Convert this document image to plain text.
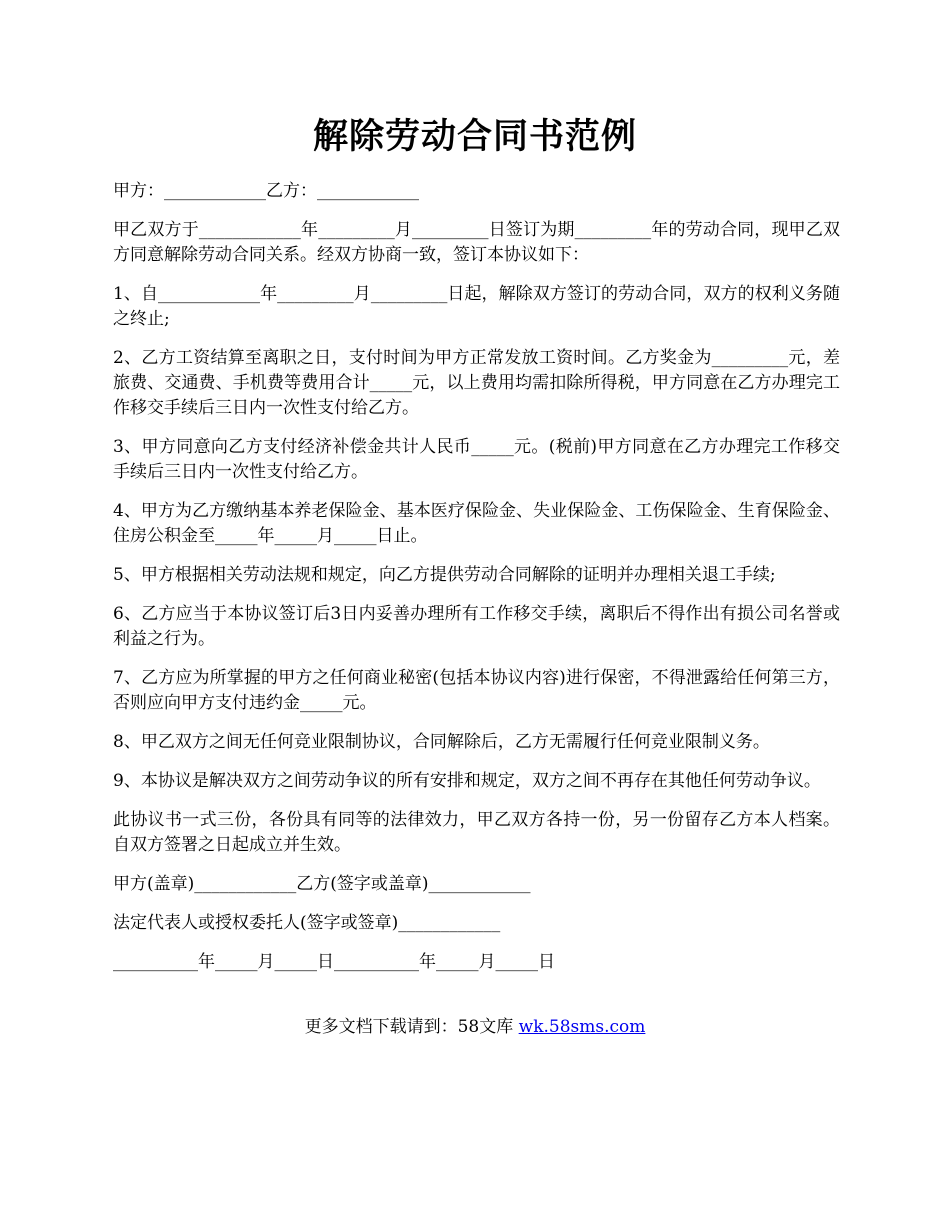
解除劳动合同书范例

甲方：____________乙方：____________

甲乙双方于____________年_________月_________日签订为期_________年的劳动合同，现甲乙双方同意解除劳动合同关系。经双方协商一致，签订本协议如下：

1、自____________年_________月_________日起，解除双方签订的劳动合同，双方的权利义务随之终止;

2、乙方工资结算至离职之日，支付时间为甲方正常发放工资时间。乙方奖金为_________元，差旅费、交通费、手机费等费用合计_____元，以上费用均需扣除所得税，甲方同意在乙方办理完工作移交手续后三日内一次性支付给乙方。

3、甲方同意向乙方支付经济补偿金共计人民币_____元。(税前)甲方同意在乙方办理完工作移交手续后三日内一次性支付给乙方。

4、甲方为乙方缴纳基本养老保险金、基本医疗保险金、失业保险金、工伤保险金、生育保险金、住房公积金至_____年_____月_____日止。

5、甲方根据相关劳动法规和规定，向乙方提供劳动合同解除的证明并办理相关退工手续;

6、乙方应当于本协议签订后3日内妥善办理所有工作移交手续，离职后不得作出有损公司名誉或利益之行为。

7、乙方应为所掌握的甲方之任何商业秘密(包括本协议内容)进行保密，不得泄露给任何第三方，否则应向甲方支付违约金_____元。

8、甲乙双方之间无任何竞业限制协议，合同解除后，乙方无需履行任何竞业限制义务。

9、本协议是解决双方之间劳动争议的所有安排和规定，双方之间不再存在其他任何劳动争议。

此协议书一式三份，各份具有同等的法律效力，甲乙双方各持一份，另一份留存乙方本人档案。自双方签署之日起成立并生效。

甲方(盖章)____________乙方(签字或盖章)____________

法定代表人或授权委托人(签字或签章)____________

__________年_____月_____日__________年_____月_____日

更多文档下载请到：58文库 wk.58sms.com
